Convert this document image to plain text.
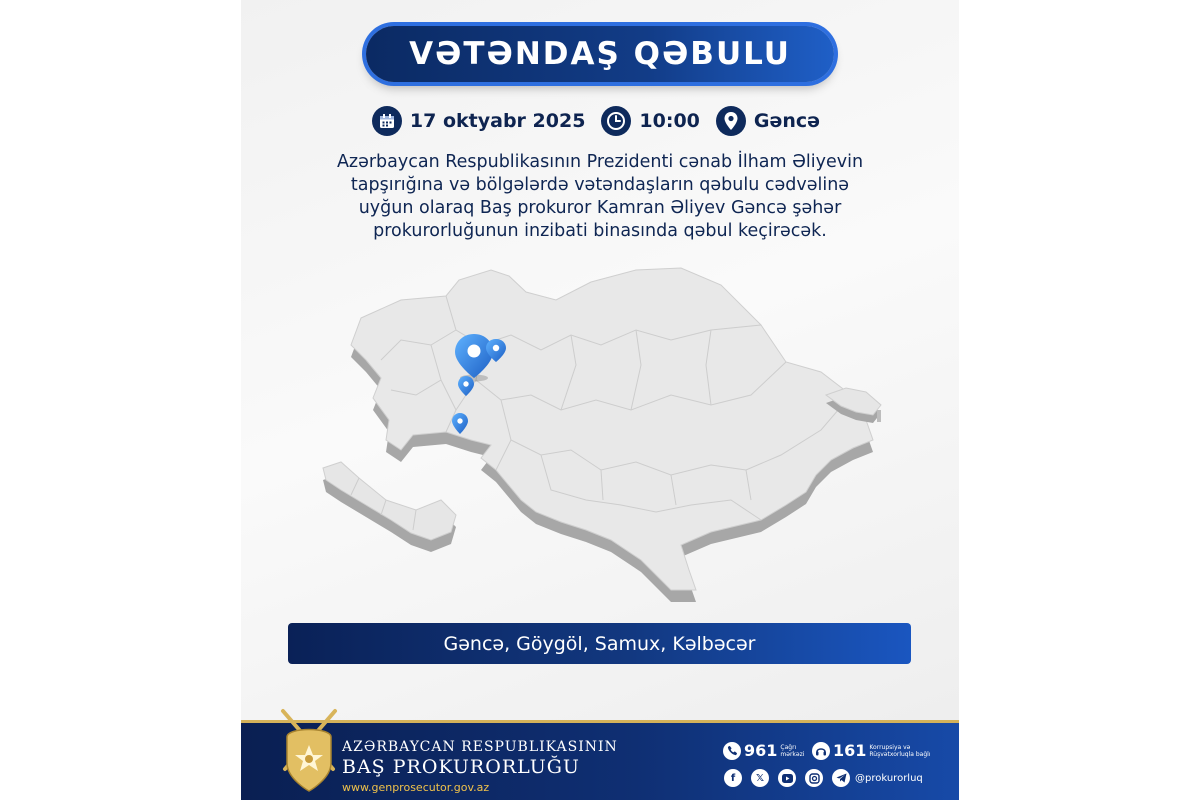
VƏTƏNDAŞ QƏBULU
17 oktyabr 2025	10:00	Gəncə
Azərbaycan Respublikasının Prezidenti cənab İlham Əliyevin
tapşırığına və bölgələrdə vətəndaşların qəbulu cədvəlinə
uyğun olaraq Baş prokuror Kamran Əliyev Gəncə şəhər
prokurorluğunun inzibati binasında qəbul keçirəcək.
Gəncə, Göygöl, Samux, Kəlbəcər
AZƏRBAYCAN RESPUBLIKASININ
BAŞ PROKURORLUĞU
www.genprosecutor.gov.az
961 Çağrı mərkəzi 161 Korrupsiya və Rüşvətxorluqla bağlı
f	𝕏	@prokurorluq
